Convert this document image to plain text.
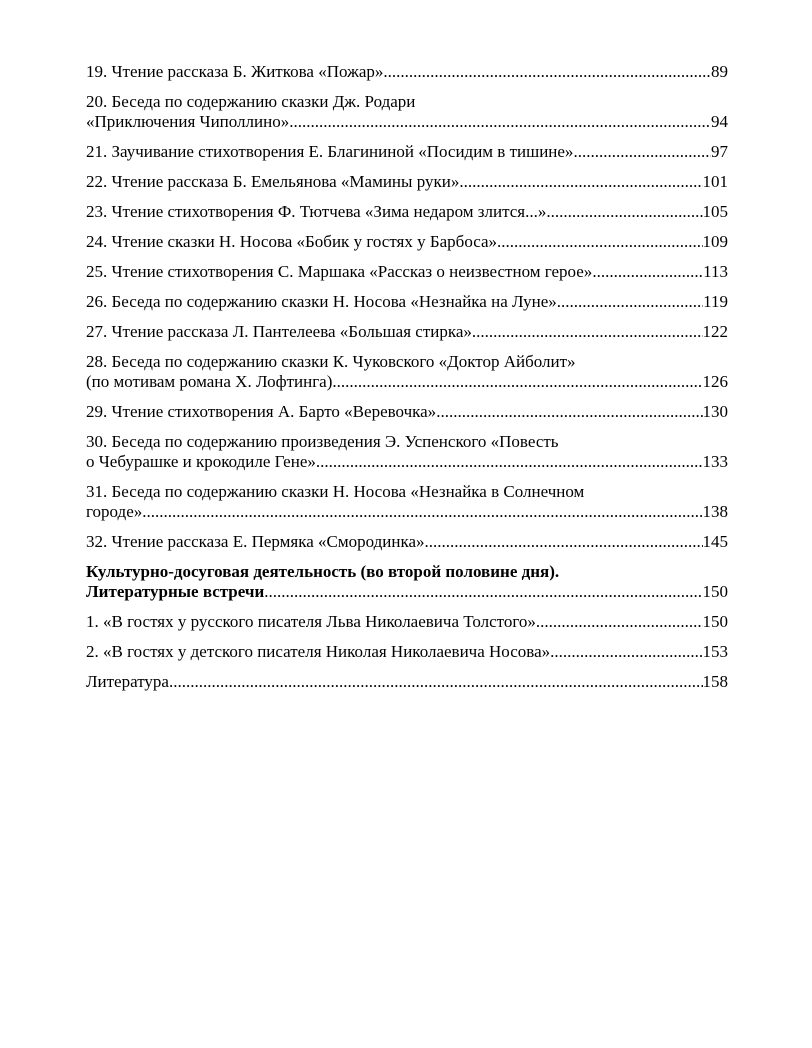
19. Чтение рассказа Б. Житкова «Пожар» .....	89
20. Беседа по содержанию сказки Дж. Родари
«Приключения Чиполлино» .....	94
21. Заучивание стихотворения Е. Благининой «Посидим в тишине» .....	97
22. Чтение рассказа Б. Емельянова «Мамины руки» .....	101
23. Чтение стихотворения Ф. Тютчева «Зима недаром злится...» .....	105
24. Чтение сказки Н. Носова «Бобик у гостях у Барбоса» .....	109
25. Чтение стихотворения С. Маршака «Рассказ о неизвестном герое» .....	113
26. Беседа по содержанию сказки Н. Носова «Незнайка на Луне» .....	119
27. Чтение рассказа Л. Пантелеева «Большая стирка» .....	122
28. Беседа по содержанию сказки К. Чуковского «Доктор Айболит»
(по мотивам романа Х. Лофтинга) .....	126
29. Чтение стихотворения А. Барто «Веревочка» .....	130
30. Беседа по содержанию произведения Э. Успенского «Повесть
о Чебурашке и крокодиле Гене» .....	133
31. Беседа по содержанию сказки Н. Носова «Незнайка в Солнечном
городе» .....	138
32. Чтение рассказа Е. Пермяка «Смородинка» .....	145
Культурно-досуговая деятельность (во второй половине дня).
Литературные встречи .....	150
1. «В гостях у русского писателя Льва Николаевича Толстого» .....	150
2. «В гостях у детского писателя Николая Николаевича Носова» .....	153
Литература .....	158
